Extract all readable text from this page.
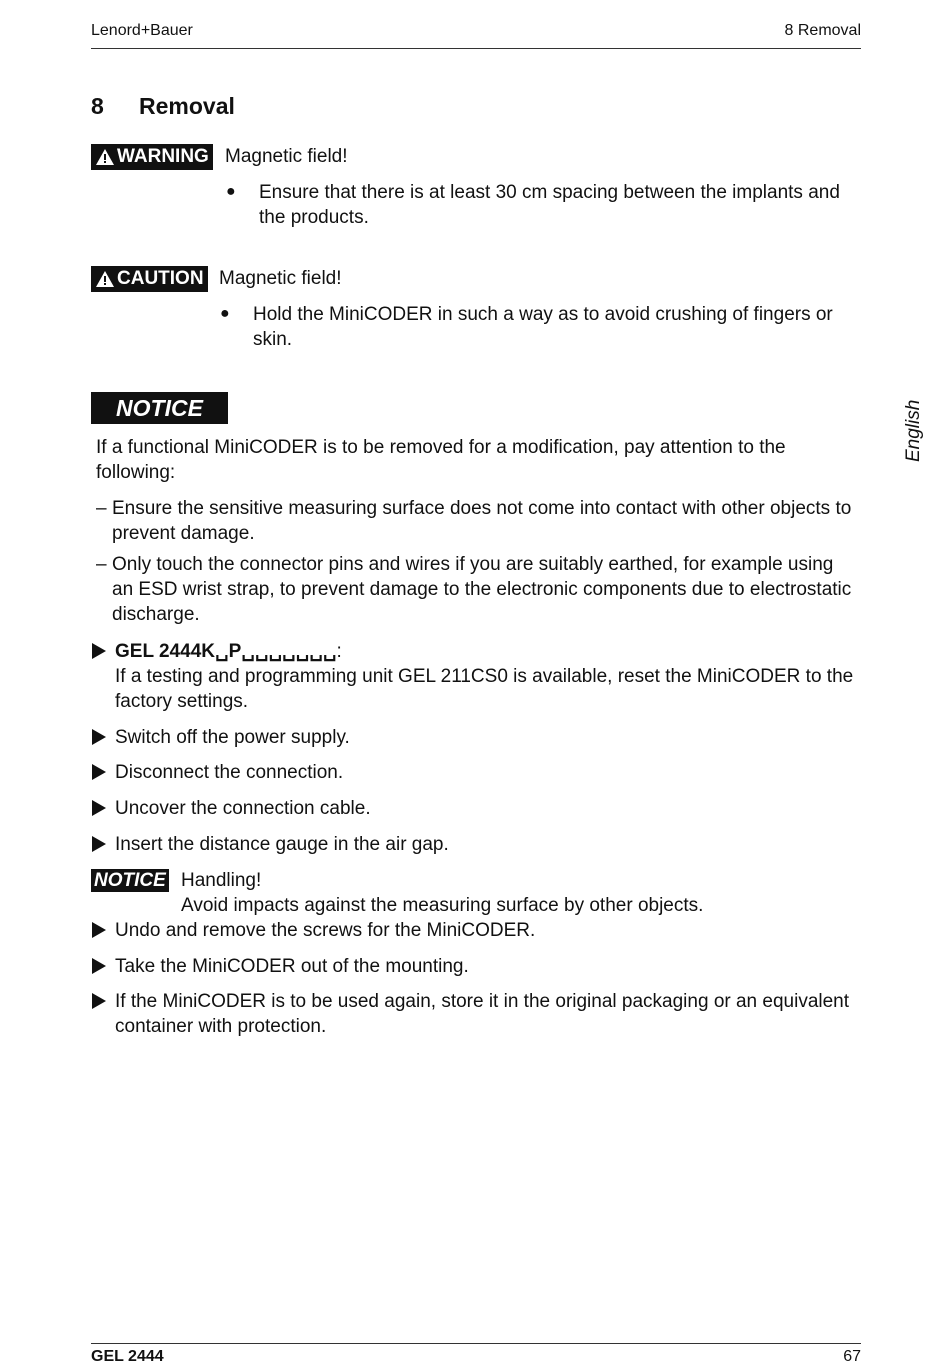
Lenord+Bauer	8 Removal
8 Removal
WARNING Magnetic field!
● Ensure that there is at least 30 cm spacing between the implants and the products.
CAUTION Magnetic field!
● Hold the MiniCODER in such a way as to avoid crushing of fingers or skin.
NOTICE
If a functional MiniCODER is to be removed for a modification, pay attention to the following:
– Ensure the sensitive measuring surface does not come into contact with other objects to prevent damage.
– Only touch the connector pins and wires if you are suitably earthed, for example using an ESD wrist strap, to prevent damage to the electronic components due to electrostatic discharge.
GEL 2444K␣P␣␣␣␣␣␣␣:
If a testing and programming unit GEL 211CS0 is available, reset the MiniCODER to the factory settings.
Switch off the power supply.
Disconnect the connection.
Uncover the connection cable.
Insert the distance gauge in the air gap.
NOTICE Handling!
Avoid impacts against the measuring surface by other objects.
Undo and remove the screws for the MiniCODER.
Take the MiniCODER out of the mounting.
If the MiniCODER is to be used again, store it in the original packaging or an equivalent container with protection.
English
GEL 2444	67
